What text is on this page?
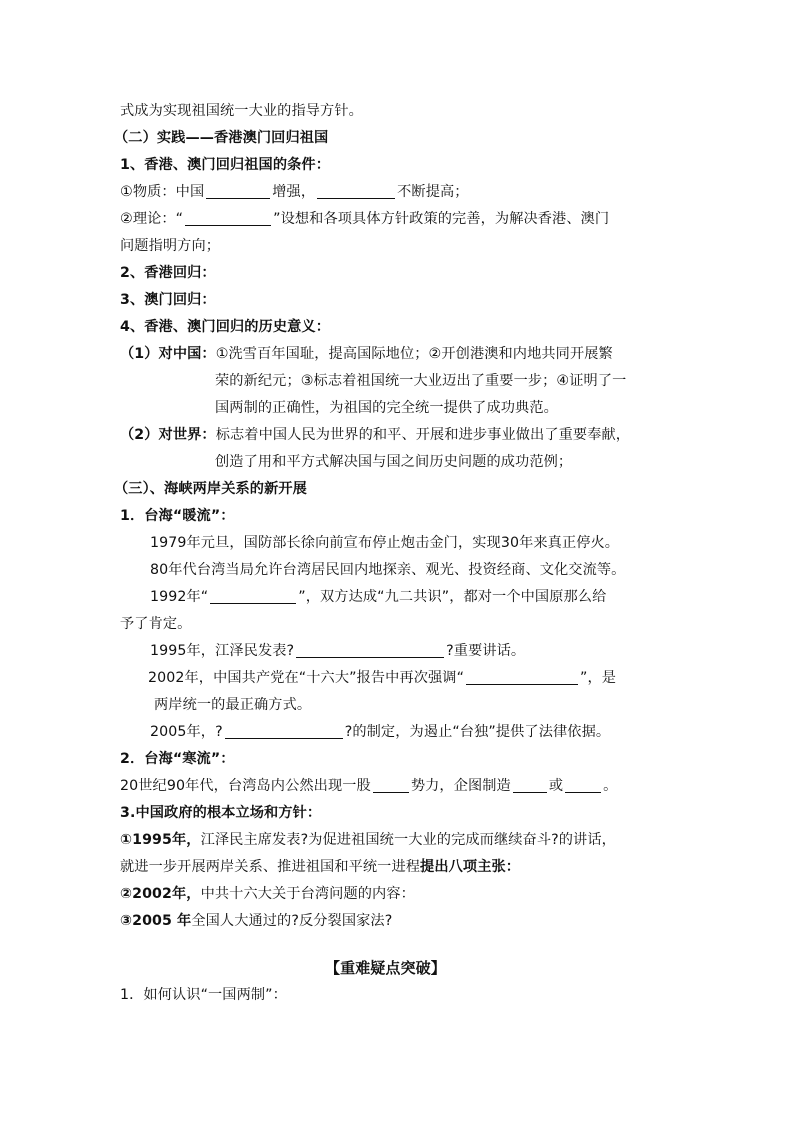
式成为实现祖国统一大业的指导方针。
（二）实践——香港澳门回归祖国
1、香港、澳门回归祖国的条件：
①物质：中国	增强，	不断提高；
②理论：“	”设想和各项具体方针政策的完善，为解决香港、澳门
问题指明方向；
2、香港回归：
3、澳门回归：
4、香港、澳门回归的历史意义：
（1）对中国：①洗雪百年国耻，提高国际地位；②开创港澳和内地共同开展繁
荣的新纪元；③标志着祖国统一大业迈出了重要一步；④证明了一
国两制的正确性，为祖国的完全统一提供了成功典范。
（2）对世界：标志着中国人民为世界的和平、开展和进步事业做出了重要奉献，
创造了用和平方式解决国与国之间历史问题的成功范例；
（三）、海峡两岸关系的新开展
1．台海“暖流”：
1979年元旦，国防部长徐向前宣布停止炮击金门，实现30年来真正停火。
80年代台湾当局允许台湾居民回内地探亲、观光、投资经商、文化交流等。
1992年“	”，双方达成“九二共识”，都对一个中国原那么给
予了肯定。
1995年，江泽民发表?	?重要讲话。
2002年，中国共产党在“十六大”报告中再次强调“	”，是
两岸统一的最正确方式。
2005年，?	?的制定，为遏止“台独”提供了法律依据。
2．台海“寒流”：
20世纪90年代，台湾岛内公然出现一股	势力，企图制造	或	。
3.中国政府的根本立场和方针：
①1995年，江泽民主席发表?为促进祖国统一大业的完成而继续奋斗?的讲话，
就进一步开展两岸关系、推进祖国和平统一进程提出八项主张：
②2002年，中共十六大关于台湾问题的内容：
③2005 年全国人大通过的?反分裂国家法?
【重难疑点突破】
1．如何认识“一国两制”：
